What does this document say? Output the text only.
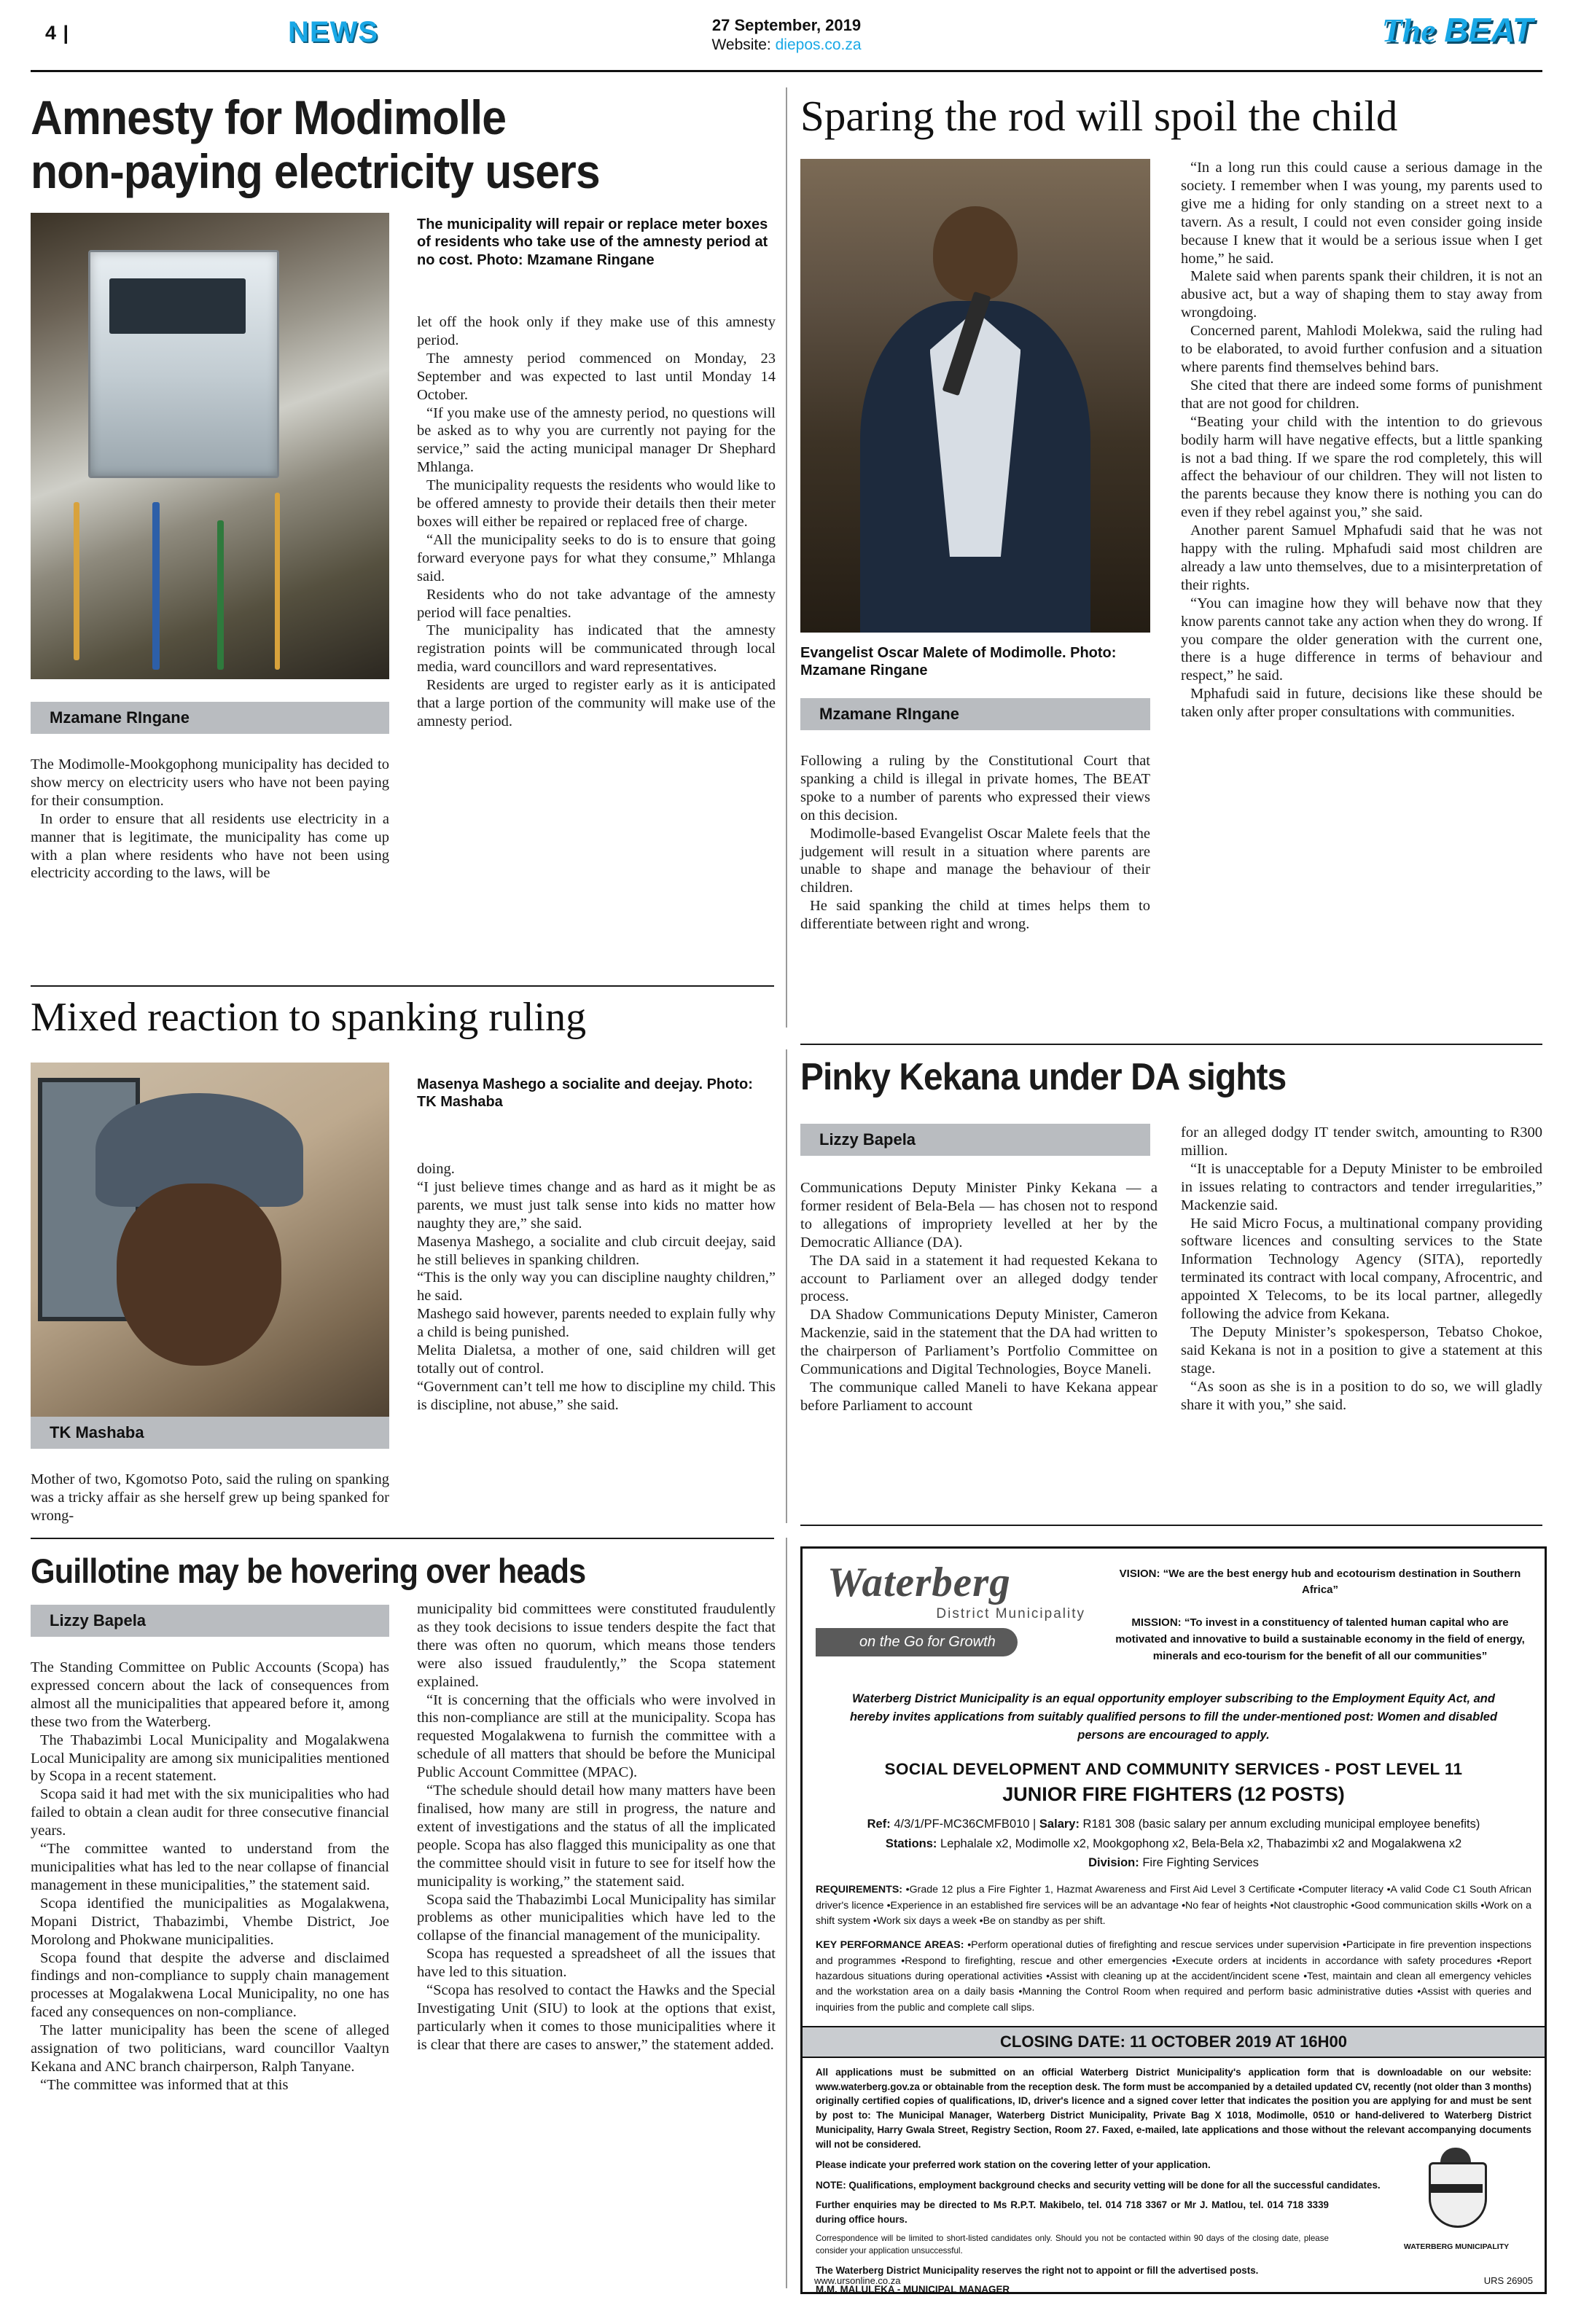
4 |	NEWS	27 September, 2019
Website: diepos.co.za	The BEAT
Amnesty for Modimolle
non-paying electricity users
The municipality will repair or replace meter boxes of residents who take use of the amnesty period at no cost. Photo: Mzamane Ringane

let off the hook only if they make use of this amnesty period.

The amnesty period commenced on Monday, 23 September and was expected to last until Monday 14 October.

“If you make use of the amnesty period, no questions will be asked as to why you are currently not paying for the service,” said the acting municipal manager Dr Shephard Mhlanga.

The municipality requests the residents who would like to be offered amnesty to provide their details then their meter boxes will either be repaired or replaced free of charge.

“All the municipality seeks to do is to ensure that going forward everyone pays for what they consume,” Mhlanga said.

Residents who do not take advantage of the amnesty period will face penalties.

The municipality has indicated that the amnesty registration points will be communicated through local media, ward councillors and ward representatives.

Residents are urged to register early as it is anticipated that a large portion of the community will make use of the amnesty period.

Mzamane RIngane

The Modimolle-Mookgophong municipality has decided to show mercy on electricity users who have not been paying for their consumption.

In order to ensure that all residents use electricity in a manner that is legitimate, the municipality has come up with a plan where residents who have not been using electricity according to the laws, will be

Sparing the rod will spoil the child
Evangelist Oscar Malete of Modimolle. Photo: Mzamane Ringane
Mzamane RIngane

Following a ruling by the Constitutional Court that spanking a child is illegal in private homes, The BEAT spoke to a number of parents who expressed their views on this decision.

Modimolle-based Evangelist Oscar Malete feels that the judgement will result in a situation where parents are unable to shape and manage the behaviour of their children.

He said spanking the child at times helps them to differentiate between right and wrong.

“In a long run this could cause a serious damage in the society. I remember when I was young, my parents used to give me a hiding for only standing on a street next to a tavern. As a result, I could not even consider going inside because I knew that it would be a serious issue when I get home,” he said.

Malete said when parents spank their children, it is not an abusive act, but a way of shaping them to stay away from wrongdoing.

Concerned parent, Mahlodi Molekwa, said the ruling had to be elaborated, to avoid further confusion and a situation where parents find themselves behind bars.

She cited that there are indeed some forms of punishment that are not good for children.

“Beating your child with the intention to do grievous bodily harm will have negative effects, but a little spanking is not a bad thing. If we spare the rod completely, this will affect the behaviour of our children. They will not listen to the parents because they know there is nothing you can do even if they rebel against you,” she said.

Another parent Samuel Mphafudi said that he was not happy with the ruling. Mphafudi said most children are already a law unto themselves, due to a misinterpretation of their rights.

“You can imagine how they will behave now that they know parents cannot take any action when they do wrong. If you compare the older generation with the current one, there is a huge difference in terms of behaviour and respect,” he said.

Mphafudi said in future, decisions like these should be taken only after proper consultations with communities.

Mixed reaction to spanking ruling
Masenya Mashego a socialite and deejay. Photo: TK Mashaba

doing.

“I just believe times change and as hard as it might be as parents, we must just talk sense into kids no matter how naughty they are,” she said.

Masenya Mashego, a socialite and club circuit deejay, said he still believes in spanking children.

“This is the only way you can discipline naughty children,” he said.

Mashego said however, parents needed to explain fully why a child is being punished.

Melita Dialetsa, a mother of one, said children will get totally out of control.

“Government can’t tell me how to discipline my child. This is discipline, not abuse,” she said.

TK Mashaba

Mother of two, Kgomotso Poto, said the ruling on spanking was a tricky affair as she herself grew up being spanked for wrong-

Pinky Kekana under DA sights
Lizzy Bapela

Communications Deputy Minister Pinky Kekana — a former resident of Bela-Bela — has chosen not to respond to allegations of impropriety levelled at her by the Democratic Alliance (DA).

The DA said in a statement it had requested Kekana to account to Parliament over an alleged dodgy tender process.

DA Shadow Communications Deputy Minister, Cameron Mackenzie, said in the statement that the DA had written to the chairperson of Parliament’s Portfolio Committee on Communications and Digital Technologies, Boyce Maneli.

The communique called Maneli to have Kekana appear before Parliament to account

for an alleged dodgy IT tender switch, amounting to R300 million.

“It is unacceptable for a Deputy Minister to be embroiled in issues relating to contractors and tender irregularities,” Mackenzie said.

He said Micro Focus, a multinational company providing software licences and consulting services to the State Information Technology Agency (SITA), reportedly terminated its contract with local company, Afrocentric, and appointed X Telecoms, to be its local partner, allegedly following the advice from Kekana.

The Deputy Minister’s spokesperson, Tebatso Chokoe, said Kekana is not in a position to give a statement at this stage.

“As soon as she is in a position to do so, we will gladly share it with you,” she said.

Guillotine may be hovering over heads
Lizzy Bapela

The Standing Committee on Public Accounts (Scopa) has expressed concern about the lack of consequences from almost all the municipalities that appeared before it, among these two from the Waterberg.

The Thabazimbi Local Municipality and Mogalakwena Local Municipality are among six municipalities mentioned by Scopa in a recent statement.

Scopa said it had met with the six municipalities who had failed to obtain a clean audit for three consecutive financial years.

“The committee wanted to understand from the municipalities what has led to the near collapse of financial management in these municipalities,” the statement said.

Scopa identified the municipalities as Mogalakwena, Mopani District, Thabazimbi, Vhembe District, Joe Morolong and Phokwane municipalities.

Scopa found that despite the adverse and disclaimed findings and non-compliance to supply chain management processes at Mogalakwena Local Municipality, no one has faced any consequences on non-compliance.

The latter municipality has been the scene of alleged assignation of two politicians, ward councillor Vaaltyn Kekana and ANC branch chairperson, Ralph Tanyane.

“The committee was informed that at this

municipality bid committees were constituted fraudulently as they took decisions to issue tenders despite the fact that there was often no quorum, which means those tenders were also issued fraudulently,” the Scopa statement explained.

“It is concerning that the officials who were involved in this non-compliance are still at the municipality. Scopa has requested Mogalakwena to furnish the committee with a schedule of all matters that should be before the Municipal Public Account Committee (MPAC).

“The schedule should detail how many matters have been finalised, how many are still in progress, the nature and extent of investigations and the status of all the implicated people. Scopa has also flagged this municipality as one that the committee should visit in future to see for itself how the municipality is working,” the statement said.

Scopa said the Thabazimbi Local Municipality has similar problems as other municipalities which have led to the collapse of the financial management of the municipality.

Scopa has requested a spreadsheet of all the issues that have led to this situation.

“Scopa has resolved to contact the Hawks and the Special Investigating Unit (SIU) to look at the options that exist, particularly when it comes to those municipalities where it is clear that there are cases to answer,” the statement added.

Waterberg
District Municipality
on the Go for Growth
VISION: “We are the best energy hub and ecotourism destination in Southern Africa”
MISSION: “To invest in a constituency of talented human capital who are motivated and innovative to build a sustainable economy in the field of energy, minerals and eco-tourism for the benefit of all our communities”
Waterberg District Municipality is an equal opportunity employer subscribing to the Employment Equity Act, and hereby invites applications from suitably qualified persons to fill the under-mentioned post: Women and disabled persons are encouraged to apply.
SOCIAL DEVELOPMENT AND COMMUNITY SERVICES - POST LEVEL 11
JUNIOR FIRE FIGHTERS (12 POSTS)
Ref: 4/3/1/PF-MC36CMFB010 | Salary: R181 308 (basic salary per annum excluding municipal employee benefits)
Stations: Lephalale x2, Modimolle x2, Mookgophong x2, Bela-Bela x2, Thabazimbi x2 and Mogalakwena x2
Division: Fire Fighting Services
REQUIREMENTS: •Grade 12 plus a Fire Fighter 1, Hazmat Awareness and First Aid Level 3 Certificate •Computer literacy •A valid Code C1 South African driver's licence •Experience in an established fire services will be an advantage •No fear of heights •Not claustrophic •Good communication skills •Work on a shift system •Work six days a week •Be on standby as per shift.
KEY PERFORMANCE AREAS: •Perform operational duties of firefighting and rescue services under supervision •Participate in fire prevention inspections and programmes •Respond to firefighting, rescue and other emergencies •Execute orders at incidents in accordance with safety procedures •Report hazardous situations during operational activities •Assist with cleaning up at the accident/incident scene •Test, maintain and clean all emergency vehicles and the workstation area on a daily basis •Manning the Control Room when required and perform basic administrative duties •Assist with queries and inquiries from the public and complete call slips.
CLOSING DATE: 11 OCTOBER 2019 AT 16H00
All applications must be submitted on an official Waterberg District Municipality's application form that is downloadable on our website: www.waterberg.gov.za or obtainable from the reception desk. The form must be accompanied by a detailed updated CV, recently (not older than 3 months) originally certified copies of qualifications, ID, driver's licence and a signed cover letter that indicates the position you are applying for and must be sent by post to: The Municipal Manager, Waterberg District Municipality, Private Bag X 1018, Modimolle, 0510 or hand-delivered to Waterberg District Municipality, Harry Gwala Street, Registry Section, Room 27. Faxed, e-mailed, late applications and those without the relevant accompanying documents will not be considered.
Please indicate your preferred work station on the covering letter of your application.
NOTE: Qualifications, employment background checks and security vetting will be done for all the successful candidates.
Further enquiries may be directed to Ms R.P.T. Makibelo, tel. 014 718 3367 or Mr J. Matlou, tel. 014 718 3339 during office hours.
Correspondence will be limited to short-listed candidates only. Should you not be contacted within 90 days of the closing date, please consider your application unsuccessful.
The Waterberg District Municipality reserves the right not to appoint or fill the advertised posts.
M.M. MALULEKA - MUNICIPAL MANAGER
WATERBERG MUNICIPALITY
www.ursonline.co.za	URS 26905
